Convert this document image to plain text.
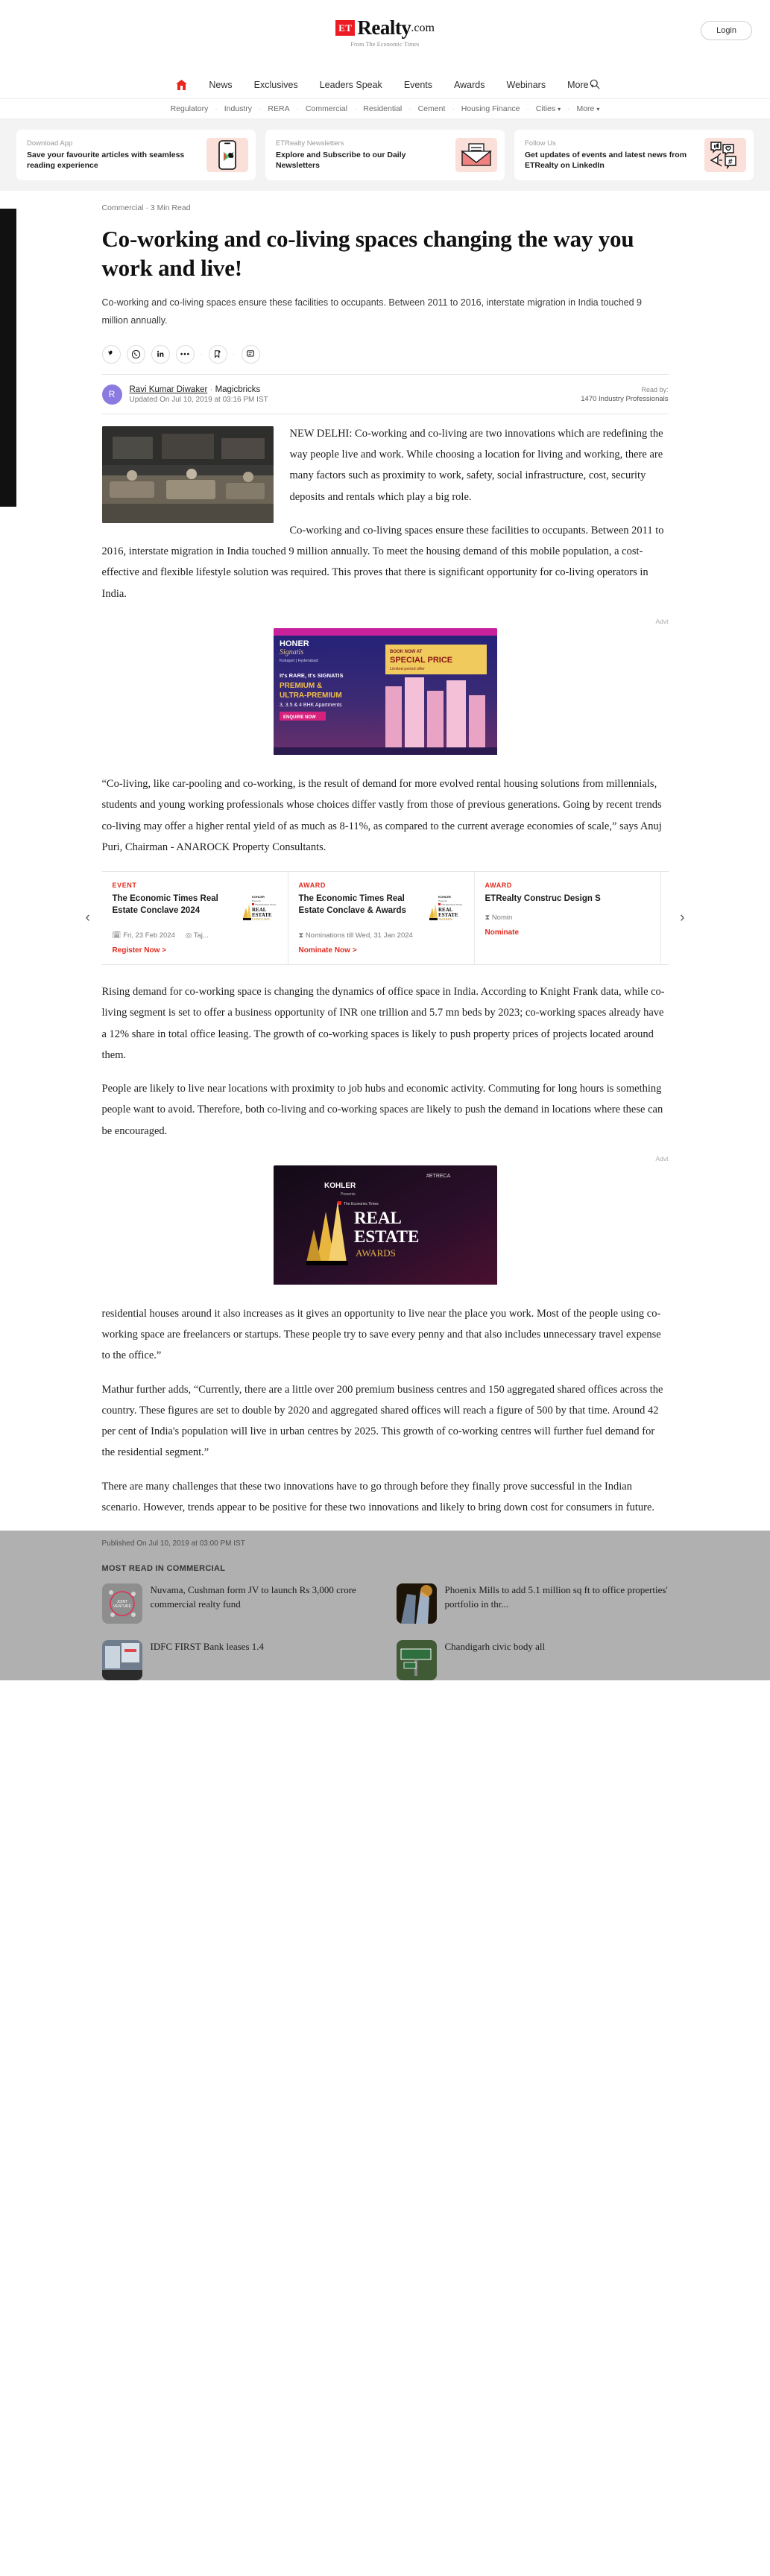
ET Realty .com
From The Economic Times
Login
News Exclusives Leaders Speak Events Awards Webinars More ▾
Regulatory · Industry · RERA · Commercial · Residential · Cement · Housing Finance · Cities ▾ · More ▾
Download App
Save your favourite articles with seamless reading experience
ETRealty Newsletters
Explore and Subscribe to our Daily Newsletters
Follow Us
Get updates of events and latest news from ETRealty on LinkedIn	#
Commercial · 3 Min Read
Co-working and co-living spaces changing the way you work and live!
Co-working and co-living spaces ensure these facilities to occupants. Between 2011 to 2016, interstate migration in India touched 9 million annually.
·	·
R	Ravi Kumar Diwaker · Magicbricks
Updated On Jul 10, 2019 at 03:16 PM IST
Read by:
1470 Industry Professionals

NEW DELHI: Co-working and co-living are two innovations which are redefining the way people live and work. While choosing a location for living and working, there are many factors such as proximity to work, safety, social infrastructure, cost, security deposits and rentals which play a big role.

Co-working and co-living spaces ensure these facilities to occupants. Between 2011 to 2016, interstate migration in India touched 9 million annually. To meet the housing demand of this mobile population, a cost-effective and flexible lifestyle solution was required. This proves that there is significant opportunity for co-living operators in India.

Advt
HONER
Signatis
Kokapet | Hyderabad
It's RARE, It's SIGNATIS
PREMIUM &
ULTRA-PREMIUM
3, 3.5 & 4 BHK Apartments
ENQUIRE NOW
BOOK NOW AT
SPECIAL PRICE
Limited period offer
“Co-living, like car-pooling and co-working, is the result of demand for more evolved rental housing solutions from millennials, students and young working professionals whose choices differ vastly from those of previous generations. Going by recent trends co-living may offer a higher rental yield of as much as 8-11%, as compared to the current average economies of scale,” says Anuj Puri, Chairman - ANAROCK Property Consultants.
‹	›
EVENT
The Economic Times Real Estate Conclave 2024
KOHLER
Presents
The Economic Times
REAL
ESTATE
CONCLAVE
🗓 Fri, 23 Feb 2024 ◎ Taj...
Register Now >
AWARD
The Economic Times Real Estate Conclave & Awards
KOHLER
Presents
The Economic Times
REAL
ESTATE
AWARDS
⧗ Nominations till Wed, 31 Jan 2024
Nominate Now >
AWARD
ETRealty Construc Design S
⧗ Nomin
Nominate

Rising demand for co-working space is changing the dynamics of office space in India. According to Knight Frank data, while co-living segment is set to offer a business opportunity of INR one trillion and 5.7 mn beds by 2023; co-working spaces already have a 12% share in total office leasing. The growth of co-working spaces is likely to push property prices of projects located around them.

People are likely to live near locations with proximity to job hubs and economic activity. Commuting for long hours is something people want to avoid. Therefore, both co-living and co-working spaces are likely to push the demand in locations where these can be encouraged.

Advt
#ETRECA
KOHLER
Presents
The Economic Times
REAL
ESTATE
AWARDS

residential houses around it also increases as it gives an opportunity to live near the place you work. Most of the people using co-working space are freelancers or startups. These people try to save every penny and that also includes unnecessary travel expense to the office.”

Mathur further adds, “Currently, there are a little over 200 premium business centres and 150 aggregated shared offices across the country. These figures are set to double by 2020 and aggregated shared offices will reach a figure of 500 by that time. Around 42 per cent of India's population will live in urban centres by 2025. This growth of co-working centres will further fuel demand for the residential segment.”

There are many challenges that these two innovations have to go through before they finally prove successful in the Indian scenario. However, trends appear to be positive for these two innovations and likely to bring down cost for consumers in future.

Published On Jul 10, 2019 at 03:00 PM IST
MOST READ IN COMMERCIAL
JOINT
VENTURE
Nuvama, Cushman form JV to launch Rs 3,000 crore commercial realty fund
Phoenix Mills to add 5.1 million sq ft to office properties' portfolio in thr...
IDFC FIRST Bank leases 1.4	Chandigarh civic body all
